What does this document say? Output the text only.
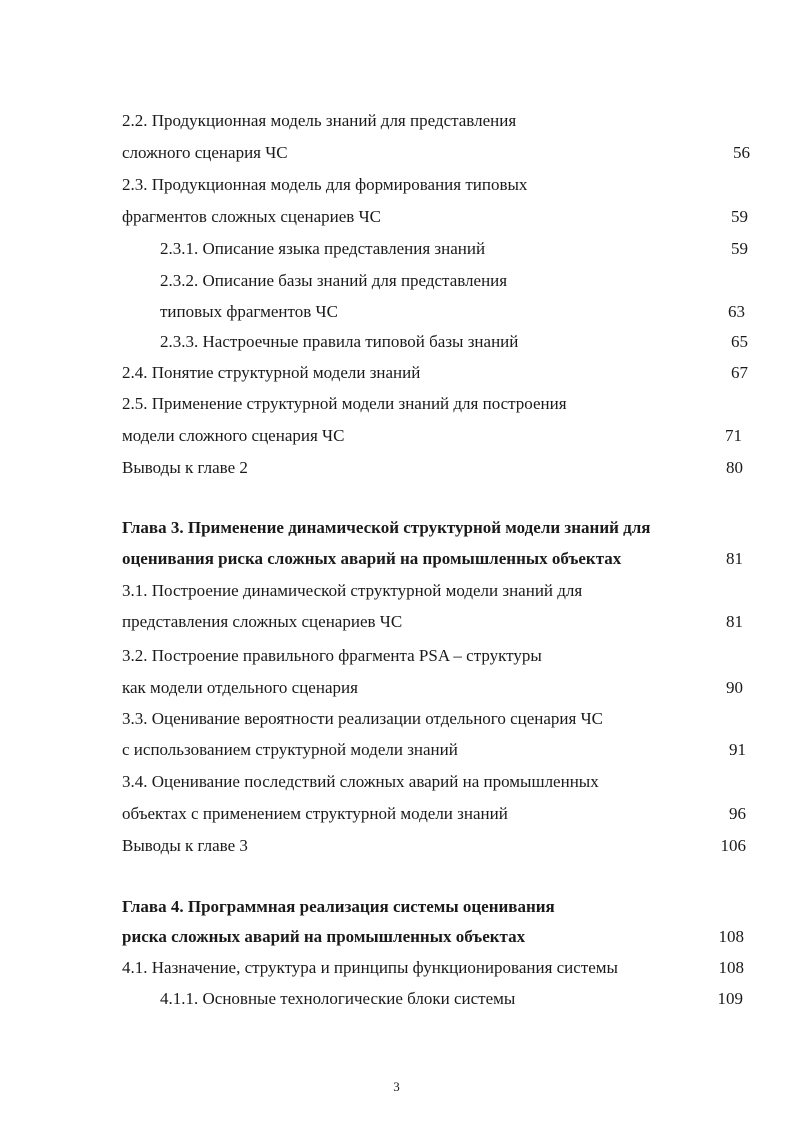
2.2. Продукционная модель знаний для представления
сложного сценария ЧС	56
2.3. Продукционная модель для формирования типовых
фрагментов сложных сценариев ЧС	59
2.3.1. Описание языка представления знаний	59
2.3.2. Описание базы знаний для представления
типовых фрагментов ЧС	63
2.3.3. Настроечные правила типовой базы знаний	65
2.4. Понятие структурной модели знаний	67
2.5. Применение структурной модели знаний для построения
модели сложного сценария ЧС	71
Выводы к главе 2	80
Глава 3. Применение динамической структурной модели знаний для
оценивания риска сложных аварий на промышленных объектах	81
3.1. Построение динамической структурной модели знаний для
представления сложных сценариев ЧС	81
3.2. Построение правильного фрагмента PSA – структуры
как модели отдельного сценария	90
3.3. Оценивание вероятности реализации отдельного сценария ЧС
с использованием структурной модели знаний	91
3.4. Оценивание последствий сложных аварий на промышленных
объектах с применением структурной модели знаний	96
Выводы к главе 3	106
Глава 4. Программная реализация системы оценивания
риска сложных аварий на промышленных объектах	108
4.1. Назначение, структура и принципы функционирования системы	108
4.1.1. Основные технологические блоки системы	109
3
